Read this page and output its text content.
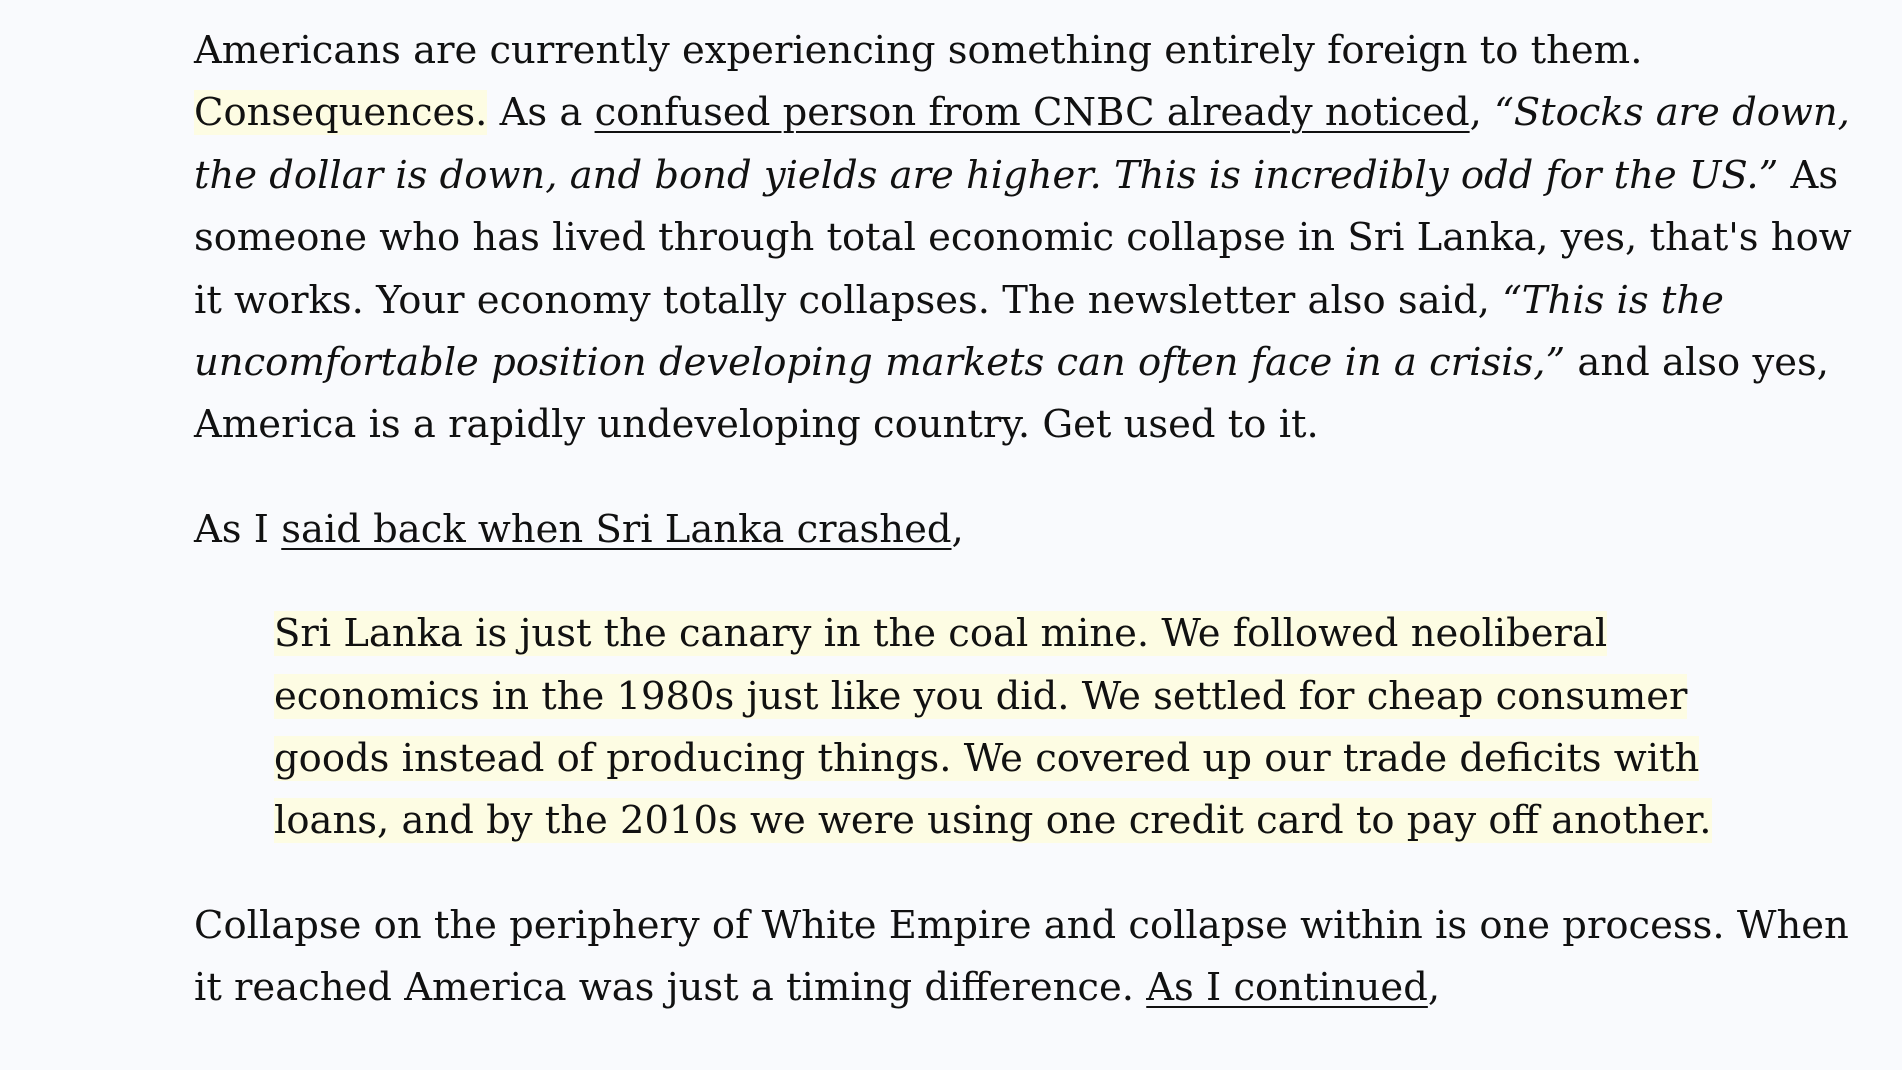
Americans are currently experiencing something entirely foreign to them.
Consequences. As a confused person from CNBC already noticed, “Stocks are down,
the dollar is down, and bond yields are higher. This is incredibly odd for the US.” As
someone who has lived through total economic collapse in Sri Lanka, yes, that's how
it works. Your economy totally collapses. The newsletter also said, “This is the
uncomfortable position developing markets can often face in a crisis,” and also yes,
America is a rapidly undeveloping country. Get used to it.

As I said back when Sri Lanka crashed,

Sri Lanka is just the canary in the coal mine. We followed neoliberal
economics in the 1980s just like you did. We settled for cheap consumer
goods instead of producing things. We covered up our trade deficits with
loans, and by the 2010s we were using one credit card to pay off another.

Collapse on the periphery of White Empire and collapse within is one process. When
it reached America was just a timing difference. As I continued,
